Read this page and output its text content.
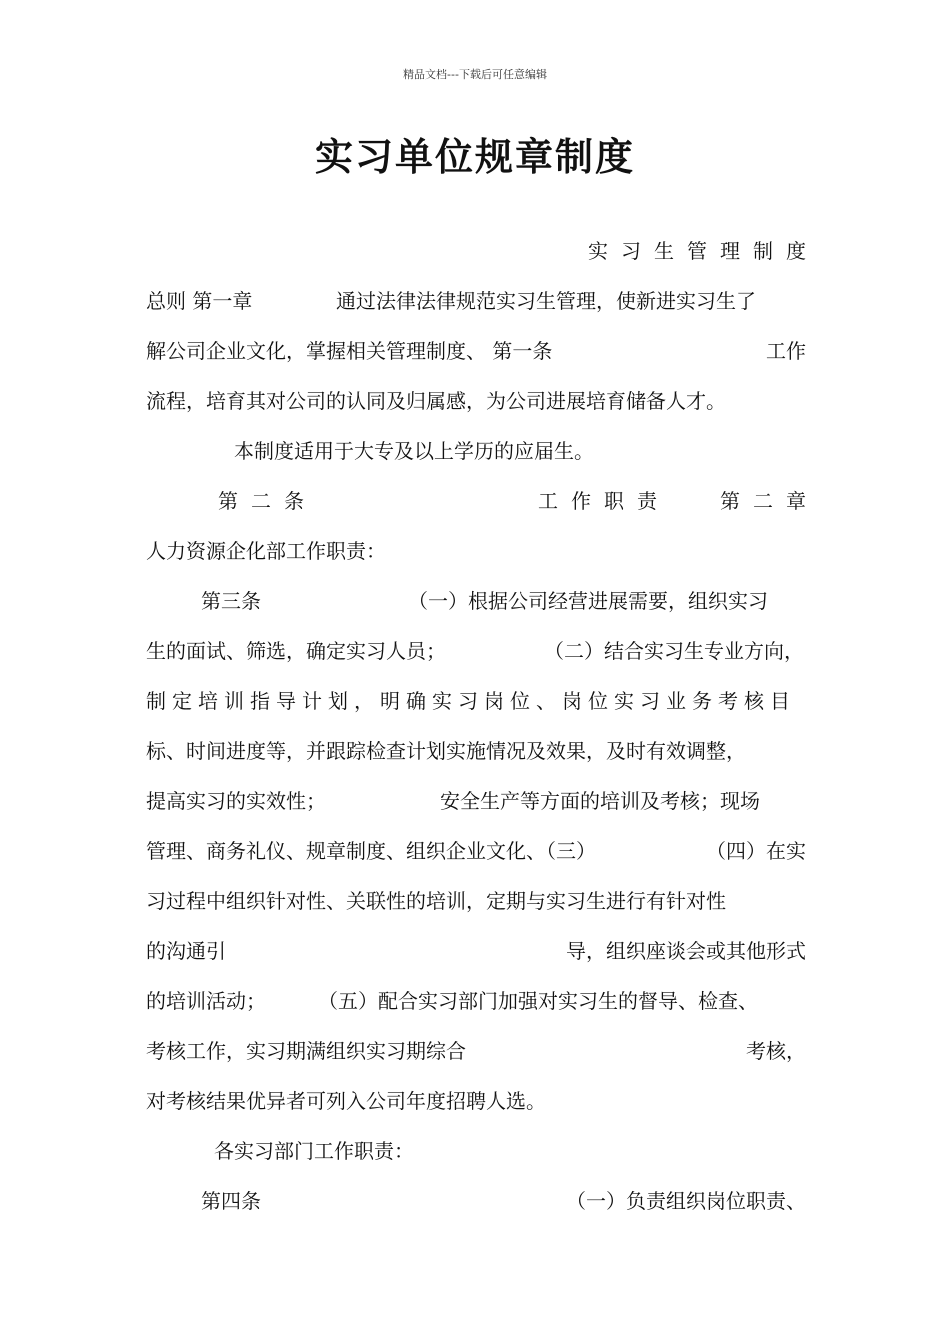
精品文档---下载后可任意编辑
实习单位规章制度
实习生管理制度
总则 第一章	通过法律法律规范实习生管理，使新进实习生了
解公司企业文化，掌握相关管理制度、 第一条	工作
流程，培育其对公司的认同及归属感，为公司进展培育储备人才。
本制度适用于大专及以上学历的应届生。
第二条	工作职责	第二章
人力资源企化部工作职责：
第三条	（一）根据公司经营进展需要，组织实习
生的面试、筛选，确定实习人员；	（二）结合实习生专业方向，
制定培训指导计划，明确实习岗位、岗位实习业务考核目
标、时间进度等，并跟踪检查计划实施情况及效果，及时有效调整，
提高实习的实效性；	安全生产等方面的培训及考核；现场
管理、商务礼仪、规章制度、组织企业文化、（三）	（四）在实
习过程中组织针对性、关联性的培训，定期与实习生进行有针对性
的沟通引	导，组织座谈会或其他形式
的培训活动；	（五）配合实习部门加强对实习生的督导、检查、
考核工作，实习期满组织实习期综合	考核，
对考核结果优异者可列入公司年度招聘人选。
各实习部门工作职责：
第四条	（一）负责组织岗位职责、
